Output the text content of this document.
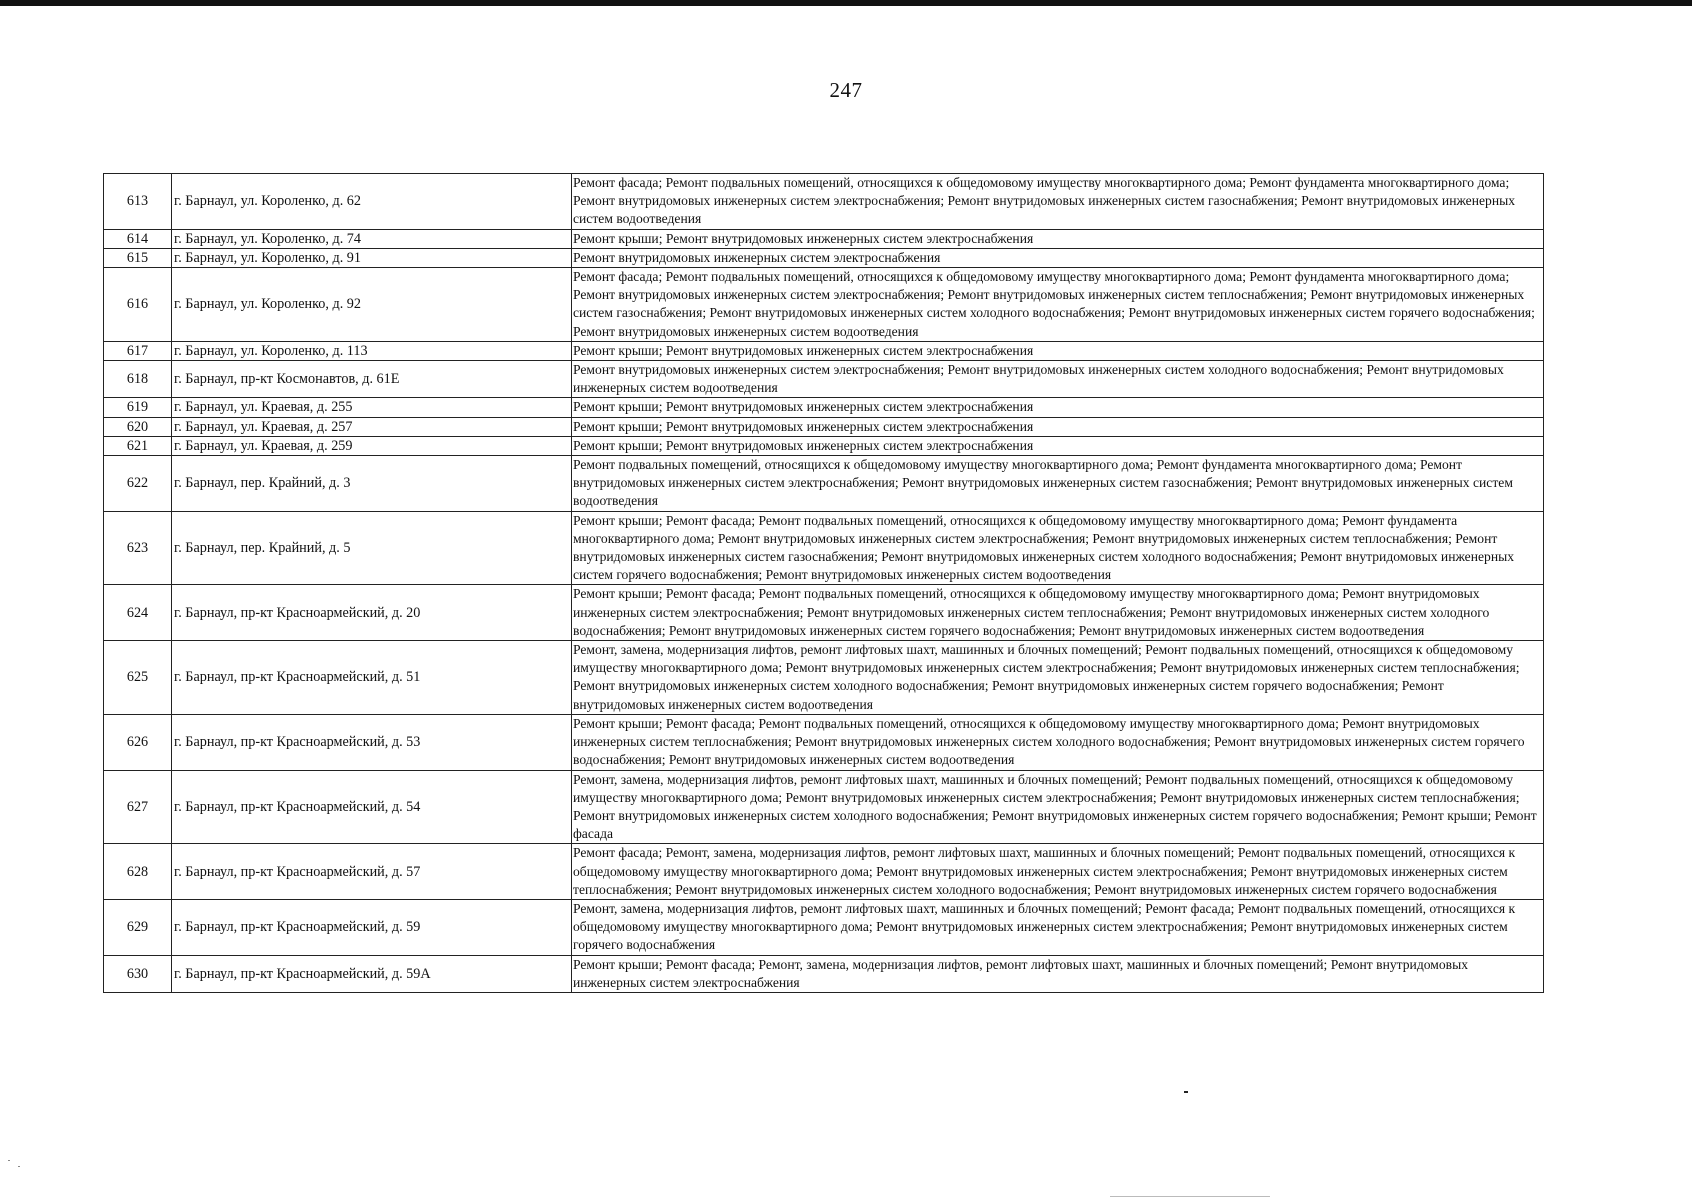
247
613	г. Барнаул, ул. Короленко, д. 62	Ремонт фасада; Ремонт подвальных помещений, относящихся к общедомовому имуществу многоквартирного дома; Ремонт фундамента многоквартирного дома; Ремонт внутридомовых инженерных систем электроснабжения; Ремонт внутридомовых инженерных систем газоснабжения; Ремонт внутридомовых инженерных систем водоотведения
614	г. Барнаул, ул. Короленко, д. 74	Ремонт крыши; Ремонт внутридомовых инженерных систем электроснабжения
615	г. Барнаул, ул. Короленко, д. 91	Ремонт внутридомовых инженерных систем электроснабжения
616	г. Барнаул, ул. Короленко, д. 92	Ремонт фасада; Ремонт подвальных помещений, относящихся к общедомовому имуществу многоквартирного дома; Ремонт фундамента многоквартирного дома; Ремонт внутридомовых инженерных систем электроснабжения; Ремонт внутридомовых инженерных систем теплоснабжения; Ремонт внутридомовых инженерных систем газоснабжения; Ремонт внутридомовых инженерных систем холодного водоснабжения; Ремонт внутридомовых инженерных систем горячего водоснабжения; Ремонт внутридомовых инженерных систем водоотведения
617	г. Барнаул, ул. Короленко, д. 113	Ремонт крыши; Ремонт внутридомовых инженерных систем электроснабжения
618	г. Барнаул, пр-кт Космонавтов, д. 61Е	Ремонт внутридомовых инженерных систем электроснабжения; Ремонт внутридомовых инженерных систем холодного водоснабжения; Ремонт внутридомовых инженерных систем водоотведения
619	г. Барнаул, ул. Краевая, д. 255	Ремонт крыши; Ремонт внутридомовых инженерных систем электроснабжения
620	г. Барнаул, ул. Краевая, д. 257	Ремонт крыши; Ремонт внутридомовых инженерных систем электроснабжения
621	г. Барнаул, ул. Краевая, д. 259	Ремонт крыши; Ремонт внутридомовых инженерных систем электроснабжения
622	г. Барнаул, пер. Крайний, д. 3	Ремонт подвальных помещений, относящихся к общедомовому имуществу многоквартирного дома; Ремонт фундамента многоквартирного дома; Ремонт внутридомовых инженерных систем электроснабжения; Ремонт внутридомовых инженерных систем газоснабжения; Ремонт внутридомовых инженерных систем водоотведения
623	г. Барнаул, пер. Крайний, д. 5	Ремонт крыши; Ремонт фасада; Ремонт подвальных помещений, относящихся к общедомовому имуществу многоквартирного дома; Ремонт фундамента многоквартирного дома; Ремонт внутридомовых инженерных систем электроснабжения; Ремонт внутридомовых инженерных систем теплоснабжения; Ремонт внутридомовых инженерных систем газоснабжения; Ремонт внутридомовых инженерных систем холодного водоснабжения; Ремонт внутридомовых инженерных систем горячего водоснабжения; Ремонт внутридомовых инженерных систем водоотведения
624	г. Барнаул, пр-кт Красноармейский, д. 20	Ремонт крыши; Ремонт фасада; Ремонт подвальных помещений, относящихся к общедомовому имуществу многоквартирного дома; Ремонт внутридомовых инженерных систем электроснабжения; Ремонт внутридомовых инженерных систем теплоснабжения; Ремонт внутридомовых инженерных систем холодного водоснабжения; Ремонт внутридомовых инженерных систем горячего водоснабжения; Ремонт внутридомовых инженерных систем водоотведения
625	г. Барнаул, пр-кт Красноармейский, д. 51	Ремонт, замена, модернизация лифтов, ремонт лифтовых шахт, машинных и блочных помещений; Ремонт подвальных помещений, относящихся к общедомовому имуществу многоквартирного дома; Ремонт внутридомовых инженерных систем электроснабжения; Ремонт внутридомовых инженерных систем теплоснабжения; Ремонт внутридомовых инженерных систем холодного водоснабжения; Ремонт внутридомовых инженерных систем горячего водоснабжения; Ремонт внутридомовых инженерных систем водоотведения
626	г. Барнаул, пр-кт Красноармейский, д. 53	Ремонт крыши; Ремонт фасада; Ремонт подвальных помещений, относящихся к общедомовому имуществу многоквартирного дома; Ремонт внутридомовых инженерных систем теплоснабжения; Ремонт внутридомовых инженерных систем холодного водоснабжения; Ремонт внутридомовых инженерных систем горячего водоснабжения; Ремонт внутридомовых инженерных систем водоотведения
627	г. Барнаул, пр-кт Красноармейский, д. 54	Ремонт, замена, модернизация лифтов, ремонт лифтовых шахт, машинных и блочных помещений; Ремонт подвальных помещений, относящихся к общедомовому имуществу многоквартирного дома; Ремонт внутридомовых инженерных систем электроснабжения; Ремонт внутридомовых инженерных систем теплоснабжения; Ремонт внутридомовых инженерных систем холодного водоснабжения; Ремонт внутридомовых инженерных систем горячего водоснабжения; Ремонт крыши; Ремонт фасада
628	г. Барнаул, пр-кт Красноармейский, д. 57	Ремонт фасада; Ремонт, замена, модернизация лифтов, ремонт лифтовых шахт, машинных и блочных помещений; Ремонт подвальных помещений, относящихся к общедомовому имуществу многоквартирного дома; Ремонт внутридомовых инженерных систем электроснабжения; Ремонт внутридомовых инженерных систем теплоснабжения; Ремонт внутридомовых инженерных систем холодного водоснабжения; Ремонт внутридомовых инженерных систем горячего водоснабжения
629	г. Барнаул, пр-кт Красноармейский, д. 59	Ремонт, замена, модернизация лифтов, ремонт лифтовых шахт, машинных и блочных помещений; Ремонт фасада; Ремонт подвальных помещений, относящихся к общедомовому имуществу многоквартирного дома; Ремонт внутридомовых инженерных систем электроснабжения; Ремонт внутридомовых инженерных систем горячего водоснабжения
630	г. Барнаул, пр-кт Красноармейский, д. 59А	Ремонт крыши; Ремонт фасада; Ремонт, замена, модернизация лифтов, ремонт лифтовых шахт, машинных и блочных помещений; Ремонт внутридомовых инженерных систем электроснабжения
